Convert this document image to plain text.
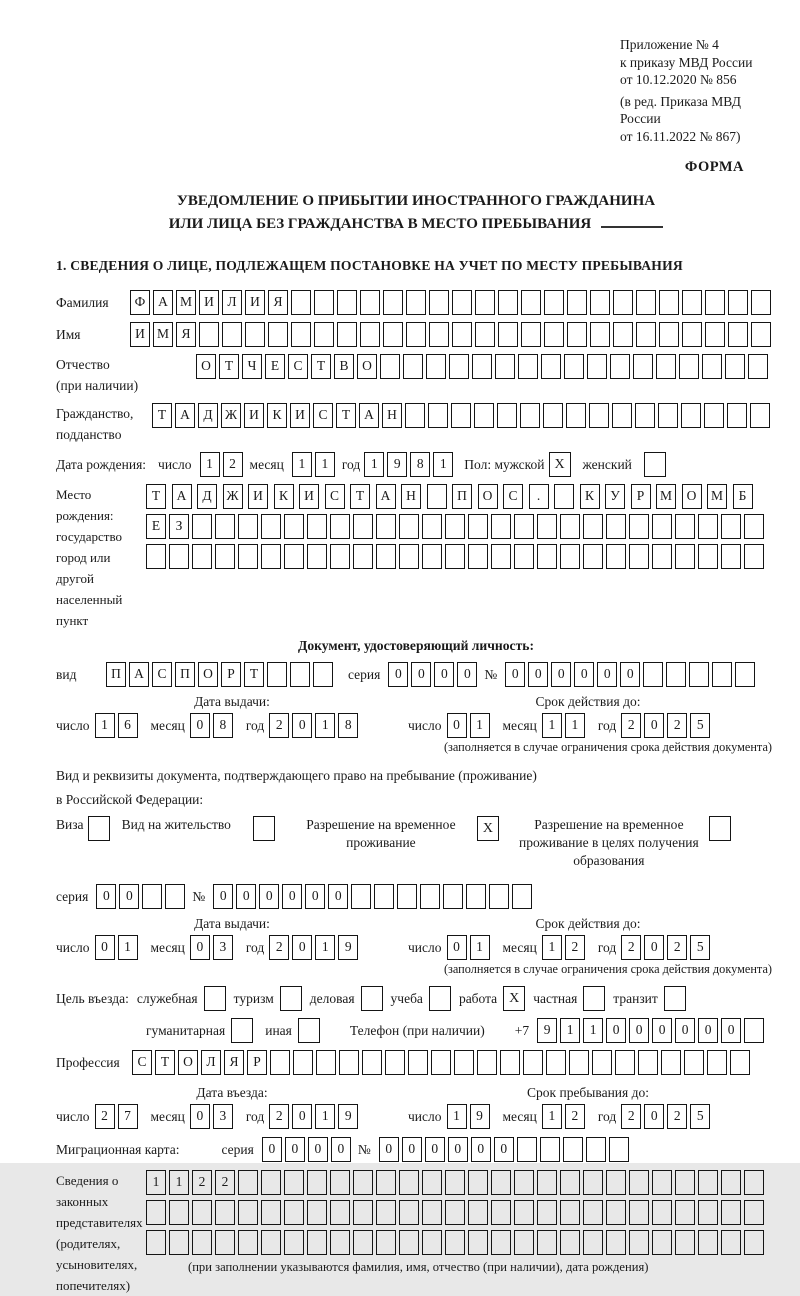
Приложение № 4
к приказу МВД России
от 10.12.2020 № 856
(в ред. Приказа МВД России
от 16.11.2022 № 867)
ФОРМА
УВЕДОМЛЕНИЕ О ПРИБЫТИИ ИНОСТРАННОГО ГРАЖДАНИНА
ИЛИ ЛИЦА БЕЗ ГРАЖДАНСТВА В МЕСТО ПРЕБЫВАНИЯ
1. СВЕДЕНИЯ О ЛИЦЕ, ПОДЛЕЖАЩЕМ ПОСТАНОВКЕ НА УЧЕТ ПО МЕСТУ ПРЕБЫВАНИЯ
Фамилия	Ф А М И	Л	И	Я
Имя	И М Я
Отчество
(при наличии)
О	Т	Ч	Е	С	Т	В	О
Гражданство,
подданство
Т	А	Д Ж И	К	И	С	Т	А Н
Дата рождения: число	1	2	месяц	1	1	год 1	9	8	1	Пол: мужской X	женский
Место рождения:
государство
город или другой
населенный пункт
Т	А	Д	Ж	И	К	И	С	Т	А	Н	П	О	С	.	К	У	Р	М	О	М	Б
Е	З
Документ, удостоверяющий личность:
вид	П А	С	П О	Р	Т	серия	0	0	0	0	№	0	0	0	0	0	0
Дата выдачи:
число 1	6	месяц 0	8	год 2	0	1	8
Срок действия до:
число 0	1	месяц 1	1	год 2	0	2	5
(заполняется в случае ограничения срока действия документа)
Вид и реквизиты документа, подтверждающего право на пребывание (проживание)
в Российской Федерации:
Виза	Вид на жительство	Разрешение на временное проживание
X	Разрешение на временное проживание в целях получения образования
серия	0	0	№	0	0	0	0	0	0
Дата выдачи:
число 0	1	месяц 0	3	год 2	0	1	9
Срок действия до:
число 0	1	месяц 1	2	год 2	0	2	5
(заполняется в случае ограничения срока действия документа)
Цель въезда: служебная	туризм	деловая	учеба	работа X	частная	транзит
гуманитарная	иная	Телефон (при наличии) +7	9	1	1	0	0	0	0	0	0
Профессия	С	Т	О	Л	Я	Р
Дата въезда:
число 2	7	месяц 0	3	год 2	0	1	9
Срок пребывания до:
число 1	9	месяц 1	2	год 2	0	2	5
Миграционная карта:	серия	0	0	0	0	№	0	0	0	0	0	0
Сведения о
законных
представителях
(родителях,
усыновителях,
попечителях)
1	1	2	2
(при заполнении указываются фамилия, имя, отчество (при наличии), дата рождения)
